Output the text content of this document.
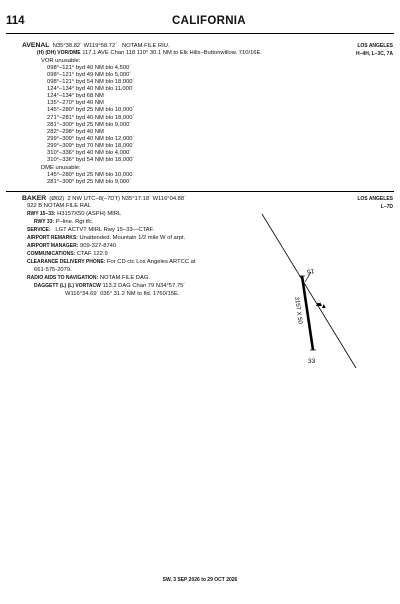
114	CALIFORNIA
AVENAL N35°38.82´ W119°58.72´ NOTAM FILE RIU.	LOS ANGELES
H–4H, L–3C, 7A
(H) (DH) VOR/DME 117.1 AVE Chan 118 110° 30.1 NM to Elk Hills–Buttonwillow. 710/16E.
VOR unusable:
098°–121° byd 40 NM blo 4,500´
098°–121° byd 49 NM blo 5,000´
098°–121° byd 54 NM blo 18,000´
124°–134° byd 40 NM blo 11,000´
124°–134° byd 68 NM
135°–270° byd 40 NM
145°–280° byd 25 NM blo 10,000´
271°–281° byd 40 NM blo 18,000´
281°–300° byd 25 NM blo 9,000´
282°–298° byd 40 NM
299°–309° byd 40 NM blo 12,000´
299°–309° byd 70 NM blo 18,000´
310°–336° byd 40 NM blo 4,000´
310°–336° byd 54 NM blo 18,000´
DME unusable:
145°–280° byd 25 NM blo 10,000´
281°–300° byd 25 NM blo 9,000´
BAKER (Ø02) 2 NW UTC–8(–7DT) N35°17.18´ W116°04.88´	LOS ANGELES
L–7D
922 B NOTAM FILE RAL
RWY 15–33: H3157X50 (ASPH) MIRL
RWY 33: P–line. Rgt tfc.
SERVICE: LGT ACTVT MIRL Rwy 15–33—CTAF.
AIRPORT REMARKS: Unattended. Mountain 1/2 mile W of arpt.
AIRPORT MANAGER: 909-327-8740
COMMUNICATIONS: CTAF 122.9
CLEARANCE DELIVERY PHONE: For CD ctc Los Angeles ARTCC at
661-575-2079.
RADIO AIDS TO NAVIGATION: NOTAM FILE DAG.
DAGGETT (L) (L) VORTACW 113.2 DAG Chan 79 N34°57.75´
W116°34.69´ 036° 31.2 NM to fld. 1760/15E.
15
33
3157 X 50
SW, 3 SEP 2026 to 29 OCT 2026
